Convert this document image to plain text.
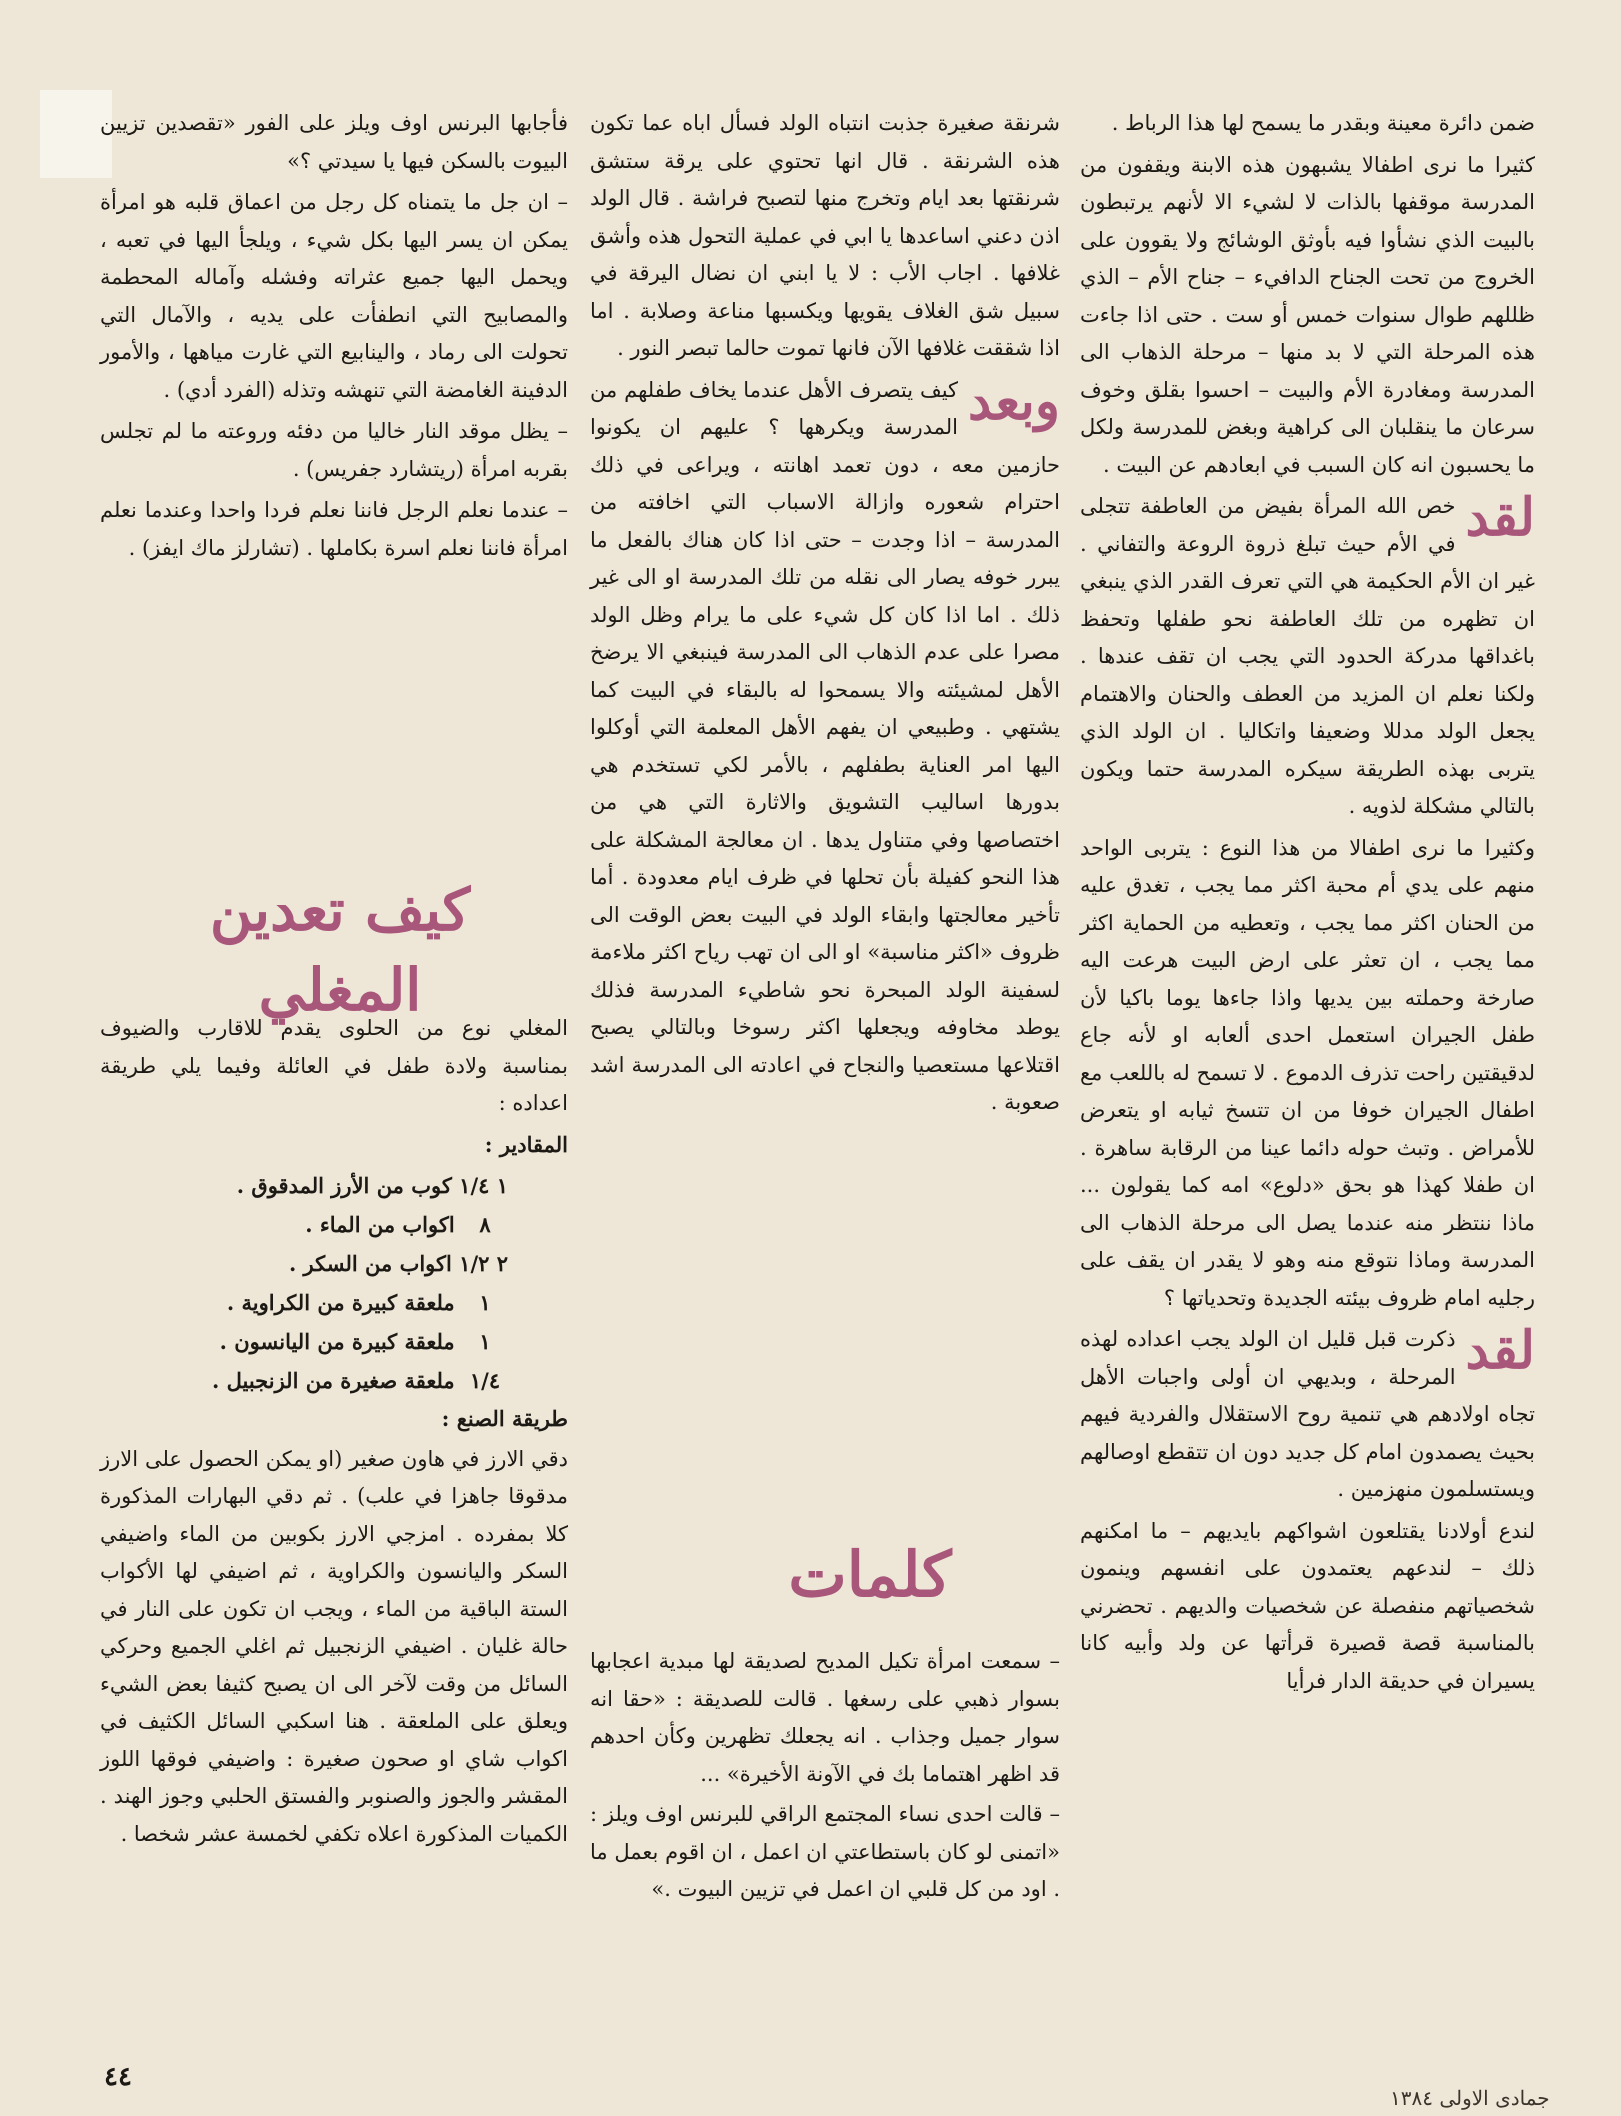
ضمن دائرة معينة وبقدر ما يسمح لها هذا الرباط .

كثيرا ما نرى اطفالا يشبهون هذه الابنة ويقفون من المدرسة موقفها بالذات لا لشيء الا لأنهم يرتبطون بالبيت الذي نشأوا فيه بأوثق الوشائج ولا يقوون على الخروج من تحت الجناح الدافيء – جناح الأم – الذي ظللهم طوال سنوات خمس أو ست . حتى اذا جاءت هذه المرحلة التي لا بد منها – مرحلة الذهاب الى المدرسة ومغادرة الأم والبيت – احسوا بقلق وخوف سرعان ما ينقلبان الى كراهية وبغض للمدرسة ولكل ما يحسبون انه كان السبب في ابعادهم عن البيت .

لقد
خص الله المرأة بفيض من العاطفة تتجلى في الأم حيث تبلغ ذروة الروعة والتفاني . غير ان الأم الحكيمة هي التي تعرف القدر الذي ينبغي ان تظهره من تلك العاطفة نحو طفلها وتحفظ باغداقها مدركة الحدود التي يجب ان تقف عندها . ولكنا نعلم ان المزيد من العطف والحنان والاهتمام يجعل الولد مدللا وضعيفا واتكاليا . ان الولد الذي يتربى بهذه الطريقة سيكره المدرسة حتما ويكون بالتالي مشكلة لذويه .

وكثيرا ما نرى اطفالا من هذا النوع : يتربى الواحد منهم على يدي أم محبة اكثر مما يجب ، تغدق عليه من الحنان اكثر مما يجب ، وتعطيه من الحماية اكثر مما يجب ، ان تعثر على ارض البيت هرعت اليه صارخة وحملته بين يديها واذا جاءها يوما باكيا لأن طفل الجيران استعمل احدى ألعابه او لأنه جاع لدقيقتين راحت تذرف الدموع . لا تسمح له باللعب مع اطفال الجيران خوفا من ان تتسخ ثيابه او يتعرض للأمراض . وتبث حوله دائما عينا من الرقابة ساهرة . ان طفلا كهذا هو بحق «دلوع» امه كما يقولون ... ماذا ننتظر منه عندما يصل الى مرحلة الذهاب الى المدرسة وماذا نتوقع منه وهو لا يقدر ان يقف على رجليه امام ظروف بيئته الجديدة وتحدياتها ؟

لقد
ذكرت قبل قليل ان الولد يجب اعداده لهذه المرحلة ، وبديهي ان أولى واجبات الأهل تجاه اولادهم هي تنمية روح الاستقلال والفردية فيهم بحيث يصمدون امام كل جديد دون ان تتقطع اوصالهم ويستسلمون منهزمين .

لندع أولادنا يقتلعون اشواكهم بايديهم – ما امكنهم ذلك – لندعهم يعتمدون على انفسهم وينمون شخصياتهم منفصلة عن شخصيات والديهم . تحضرني بالمناسبة قصة قصيرة قرأتها عن ولد وأبيه كانا يسيران في حديقة الدار فرأيا

شرنقة صغيرة جذبت انتباه الولد فسأل اباه عما تكون هذه الشرنقة . قال انها تحتوي على يرقة ستشق شرنقتها بعد ايام وتخرج منها لتصبح فراشة . قال الولد اذن دعني اساعدها يا ابي في عملية التحول هذه وأشق غلافها . اجاب الأب : لا يا ابني ان نضال اليرقة في سبيل شق الغلاف يقويها ويكسبها مناعة وصلابة . اما اذا شققت غلافها الآن فانها تموت حالما تبصر النور .

وبعد
كيف يتصرف الأهل عندما يخاف طفلهم من المدرسة ويكرهها ؟ عليهم ان يكونوا حازمين معه ، دون تعمد اهانته ، ويراعى في ذلك احترام شعوره وازالة الاسباب التي اخافته من المدرسة – اذا وجدت – حتى اذا كان هناك بالفعل ما يبرر خوفه يصار الى نقله من تلك المدرسة او الى غير ذلك . اما اذا كان كل شيء على ما يرام وظل الولد مصرا على عدم الذهاب الى المدرسة فينبغي الا يرضخ الأهل لمشيئته والا يسمحوا له بالبقاء في البيت كما يشتهي . وطبيعي ان يفهم الأهل المعلمة التي أوكلوا اليها امر العناية بطفلهم ، بالأمر لكي تستخدم هي بدورها اساليب التشويق والاثارة التي هي من اختصاصها وفي متناول يدها . ان معالجة المشكلة على هذا النحو كفيلة بأن تحلها في ظرف ايام معدودة . أما تأخير معالجتها وابقاء الولد في البيت بعض الوقت الى ظروف «اكثر مناسبة» او الى ان تهب رياح اكثر ملاءمة لسفينة الولد المبحرة نحو شاطيء المدرسة فذلك يوطد مخاوفه ويجعلها اكثر رسوخا وبالتالي يصبح اقتلاعها مستعصيا والنجاح في اعادته الى المدرسة اشد صعوبة .

كلمات

– سمعت امرأة تكيل المديح لصديقة لها مبدية اعجابها بسوار ذهبي على رسغها . قالت للصديقة : «حقا انه سوار جميل وجذاب . انه يجعلك تظهرين وكأن احدهم قد اظهر اهتماما بك في الآونة الأخيرة» ...

– قالت احدى نساء المجتمع الراقي للبرنس اوف ويلز : «اتمنى لو كان باستطاعتي ان اعمل ، ان اقوم بعمل ما . اود من كل قلبي ان اعمل في تزيين البيوت .»

فأجابها البرنس اوف ويلز على الفور «تقصدين تزيين البيوت بالسكن فيها يا سيدتي ؟»

– ان جل ما يتمناه كل رجل من اعماق قلبه هو امرأة يمكن ان يسر اليها بكل شيء ، ويلجأ اليها في تعبه ، ويحمل اليها جميع عثراته وفشله وآماله المحطمة والمصابيح التي انطفأت على يديه ، والآمال التي تحولت الى رماد ، والينابيع التي غارت مياهها ، والأمور الدفينة الغامضة التي تنهشه وتذله (الفرد أدي) .

– يظل موقد النار خاليا من دفئه وروعته ما لم تجلس بقربه امرأة (ريتشارد جفريس) .

– عندما نعلم الرجل فاننا نعلم فردا واحدا وعندما نعلم امرأة فاننا نعلم اسرة بكاملها . (تشارلز ماك ايفز) .

كيف تعدين المغلي

المغلي نوع من الحلوى يقدم للاقارب والضيوف بمناسبة ولادة طفل في العائلة وفيما يلي طريقة اعداده :

المقادير :

١ ١/٤ كوب من الأرز المدقوق .
٨ اكواب من الماء .
٢ ١/٢ اكواب من السكر .
١ ملعقة كبيرة من الكراوية .
١ ملعقة كبيرة من اليانسون .
١/٤ ملعقة صغيرة من الزنجبيل .

طريقة الصنع :

دقي الارز في هاون صغير (او يمكن الحصول على الارز مدقوقا جاهزا في علب) . ثم دقي البهارات المذكورة كلا بمفرده . امزجي الارز بكوبين من الماء واضيفي السكر واليانسون والكراوية ، ثم اضيفي لها الأكواب الستة الباقية من الماء ، ويجب ان تكون على النار في حالة غليان . اضيفي الزنجبيل ثم اغلي الجميع وحركي السائل من وقت لآخر الى ان يصبح كثيفا بعض الشيء ويعلق على الملعقة . هنا اسكبي السائل الكثيف في اكواب شاي او صحون صغيرة : واضيفي فوقها اللوز المقشر والجوز والصنوبر والفستق الحلبي وجوز الهند . الكميات المذكورة اعلاه تكفي لخمسة عشر شخصا .

٤٤
جمادى الاولى ١٣٨٤
